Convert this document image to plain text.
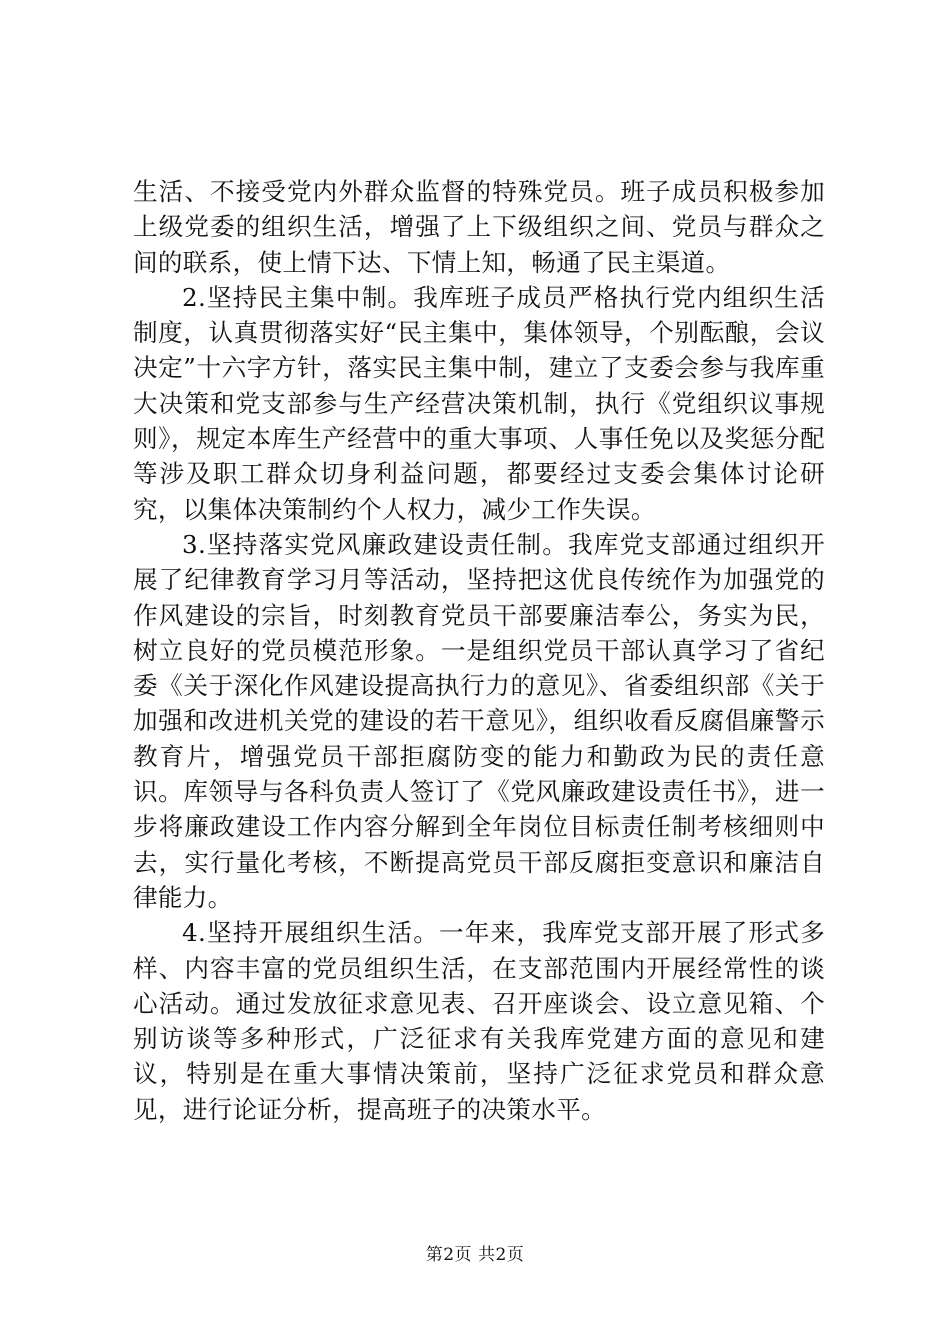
生活、不接受党内外群众监督的特殊党员。班子成员积极参加上级党委的组织生活，增强了上下级组织之间、党员与群众之间的联系，使上情下达、下情上知，畅通了民主渠道。

2.坚持民主集中制。我库班子成员严格执行党内组织生活制度，认真贯彻落实好“民主集中，集体领导，个别酝酿，会议决定”十六字方针，落实民主集中制，建立了支委会参与我库重大决策和党支部参与生产经营决策机制，执行《党组织议事规则》，规定本库生产经营中的重大事项、人事任免以及奖惩分配等涉及职工群众切身利益问题，都要经过支委会集体讨论研究，以集体决策制约个人权力，减少工作失误。

3.坚持落实党风廉政建设责任制。我库党支部通过组织开展了纪律教育学习月等活动，坚持把这优良传统作为加强党的作风建设的宗旨，时刻教育党员干部要廉洁奉公，务实为民，树立良好的党员模范形象。一是组织党员干部认真学习了省纪委《关于深化作风建设提高执行力的意见》、省委组织部《关于加强和改进机关党的建设的若干意见》，组织收看反腐倡廉警示教育片，增强党员干部拒腐防变的能力和勤政为民的责任意识。库领导与各科负责人签订了《党风廉政建设责任书》，进一步将廉政建设工作内容分解到全年岗位目标责任制考核细则中去，实行量化考核，不断提高党员干部反腐拒变意识和廉洁自律能力。

4.坚持开展组织生活。一年来，我库党支部开展了形式多样、内容丰富的党员组织生活，在支部范围内开展经常性的谈心活动。通过发放征求意见表、召开座谈会、设立意见箱、个别访谈等多种形式，广泛征求有关我库党建方面的意见和建议，特别是在重大事情决策前，坚持广泛征求党员和群众意见，进行论证分析，提高班子的决策水平。

第2页 共2页
